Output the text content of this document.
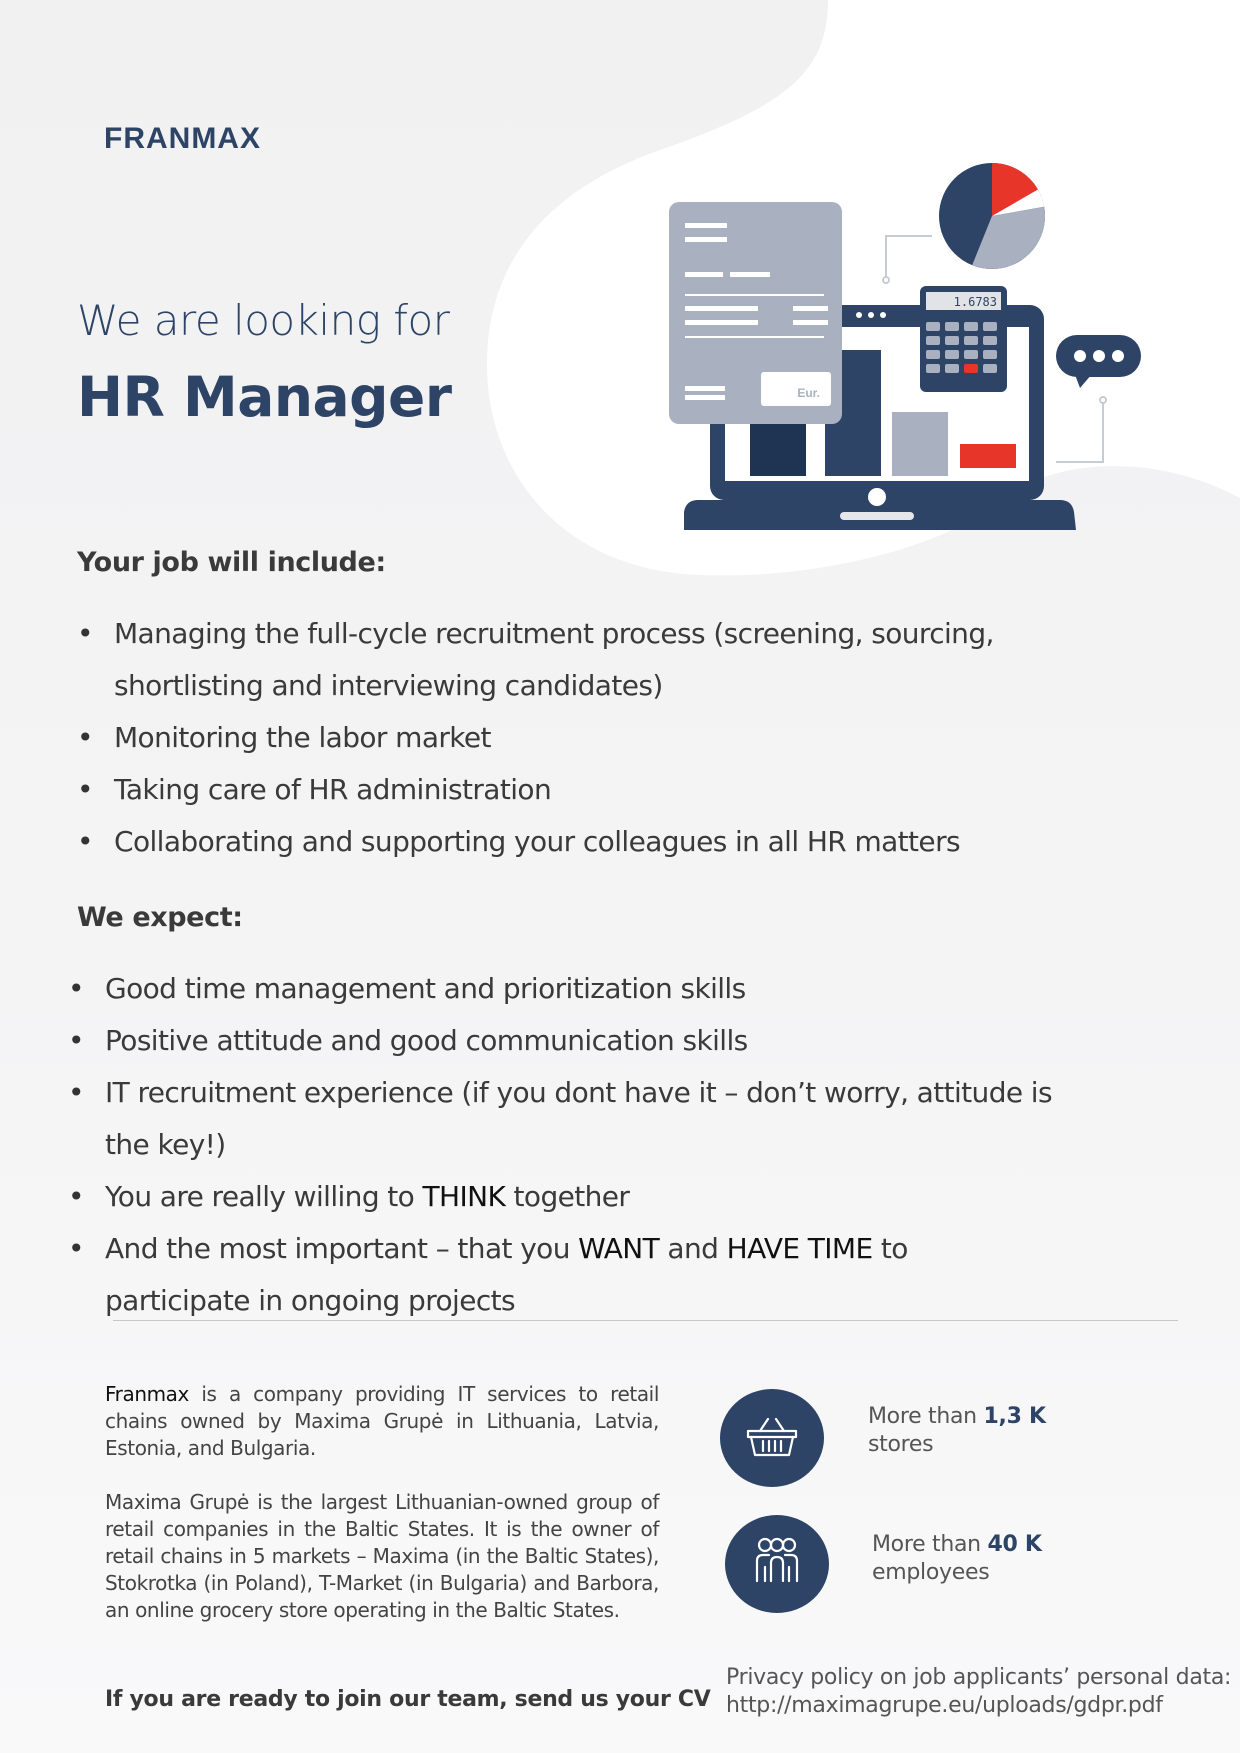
FRANMAX
We are looking for
HR Manager	Eur.
1.6783
Your job will include:
• Managing the full-cycle recruitment process (screening, sourcing, shortlisting and interviewing candidates)
• Monitoring the labor market
• Taking care of HR administration
• Collaborating and supporting your colleagues in all HR matters
We expect:
• Good time management and prioritization skills
• Positive attitude and good communication skills
• IT recruitment experience (if you dont have it – don’t worry, attitude is the key!)
• You are really willing to THINK together
• And the most important – that you WANT and HAVE TIME to participate in ongoing projects

Franmax is a company providing IT services to retail chains owned by Maxima Grupė in Lithuania, Latvia, Estonia, and Bulgaria.

Maxima Grupė is the largest Lithuanian-owned group of retail companies in the Baltic States. It is the owner of retail chains in 5 markets – Maxima (in the Baltic States), Stokrotka (in Poland), T-Market (in Bulgaria) and Barbora, an online grocery store operating in the Baltic States.

More than 1,3 K
stores
More than 40 K
employees

If you are ready to join our team, send us your CV

Privacy policy on job applicants’ personal data:
http://maximagrupe.eu/uploads/gdpr.pdf
